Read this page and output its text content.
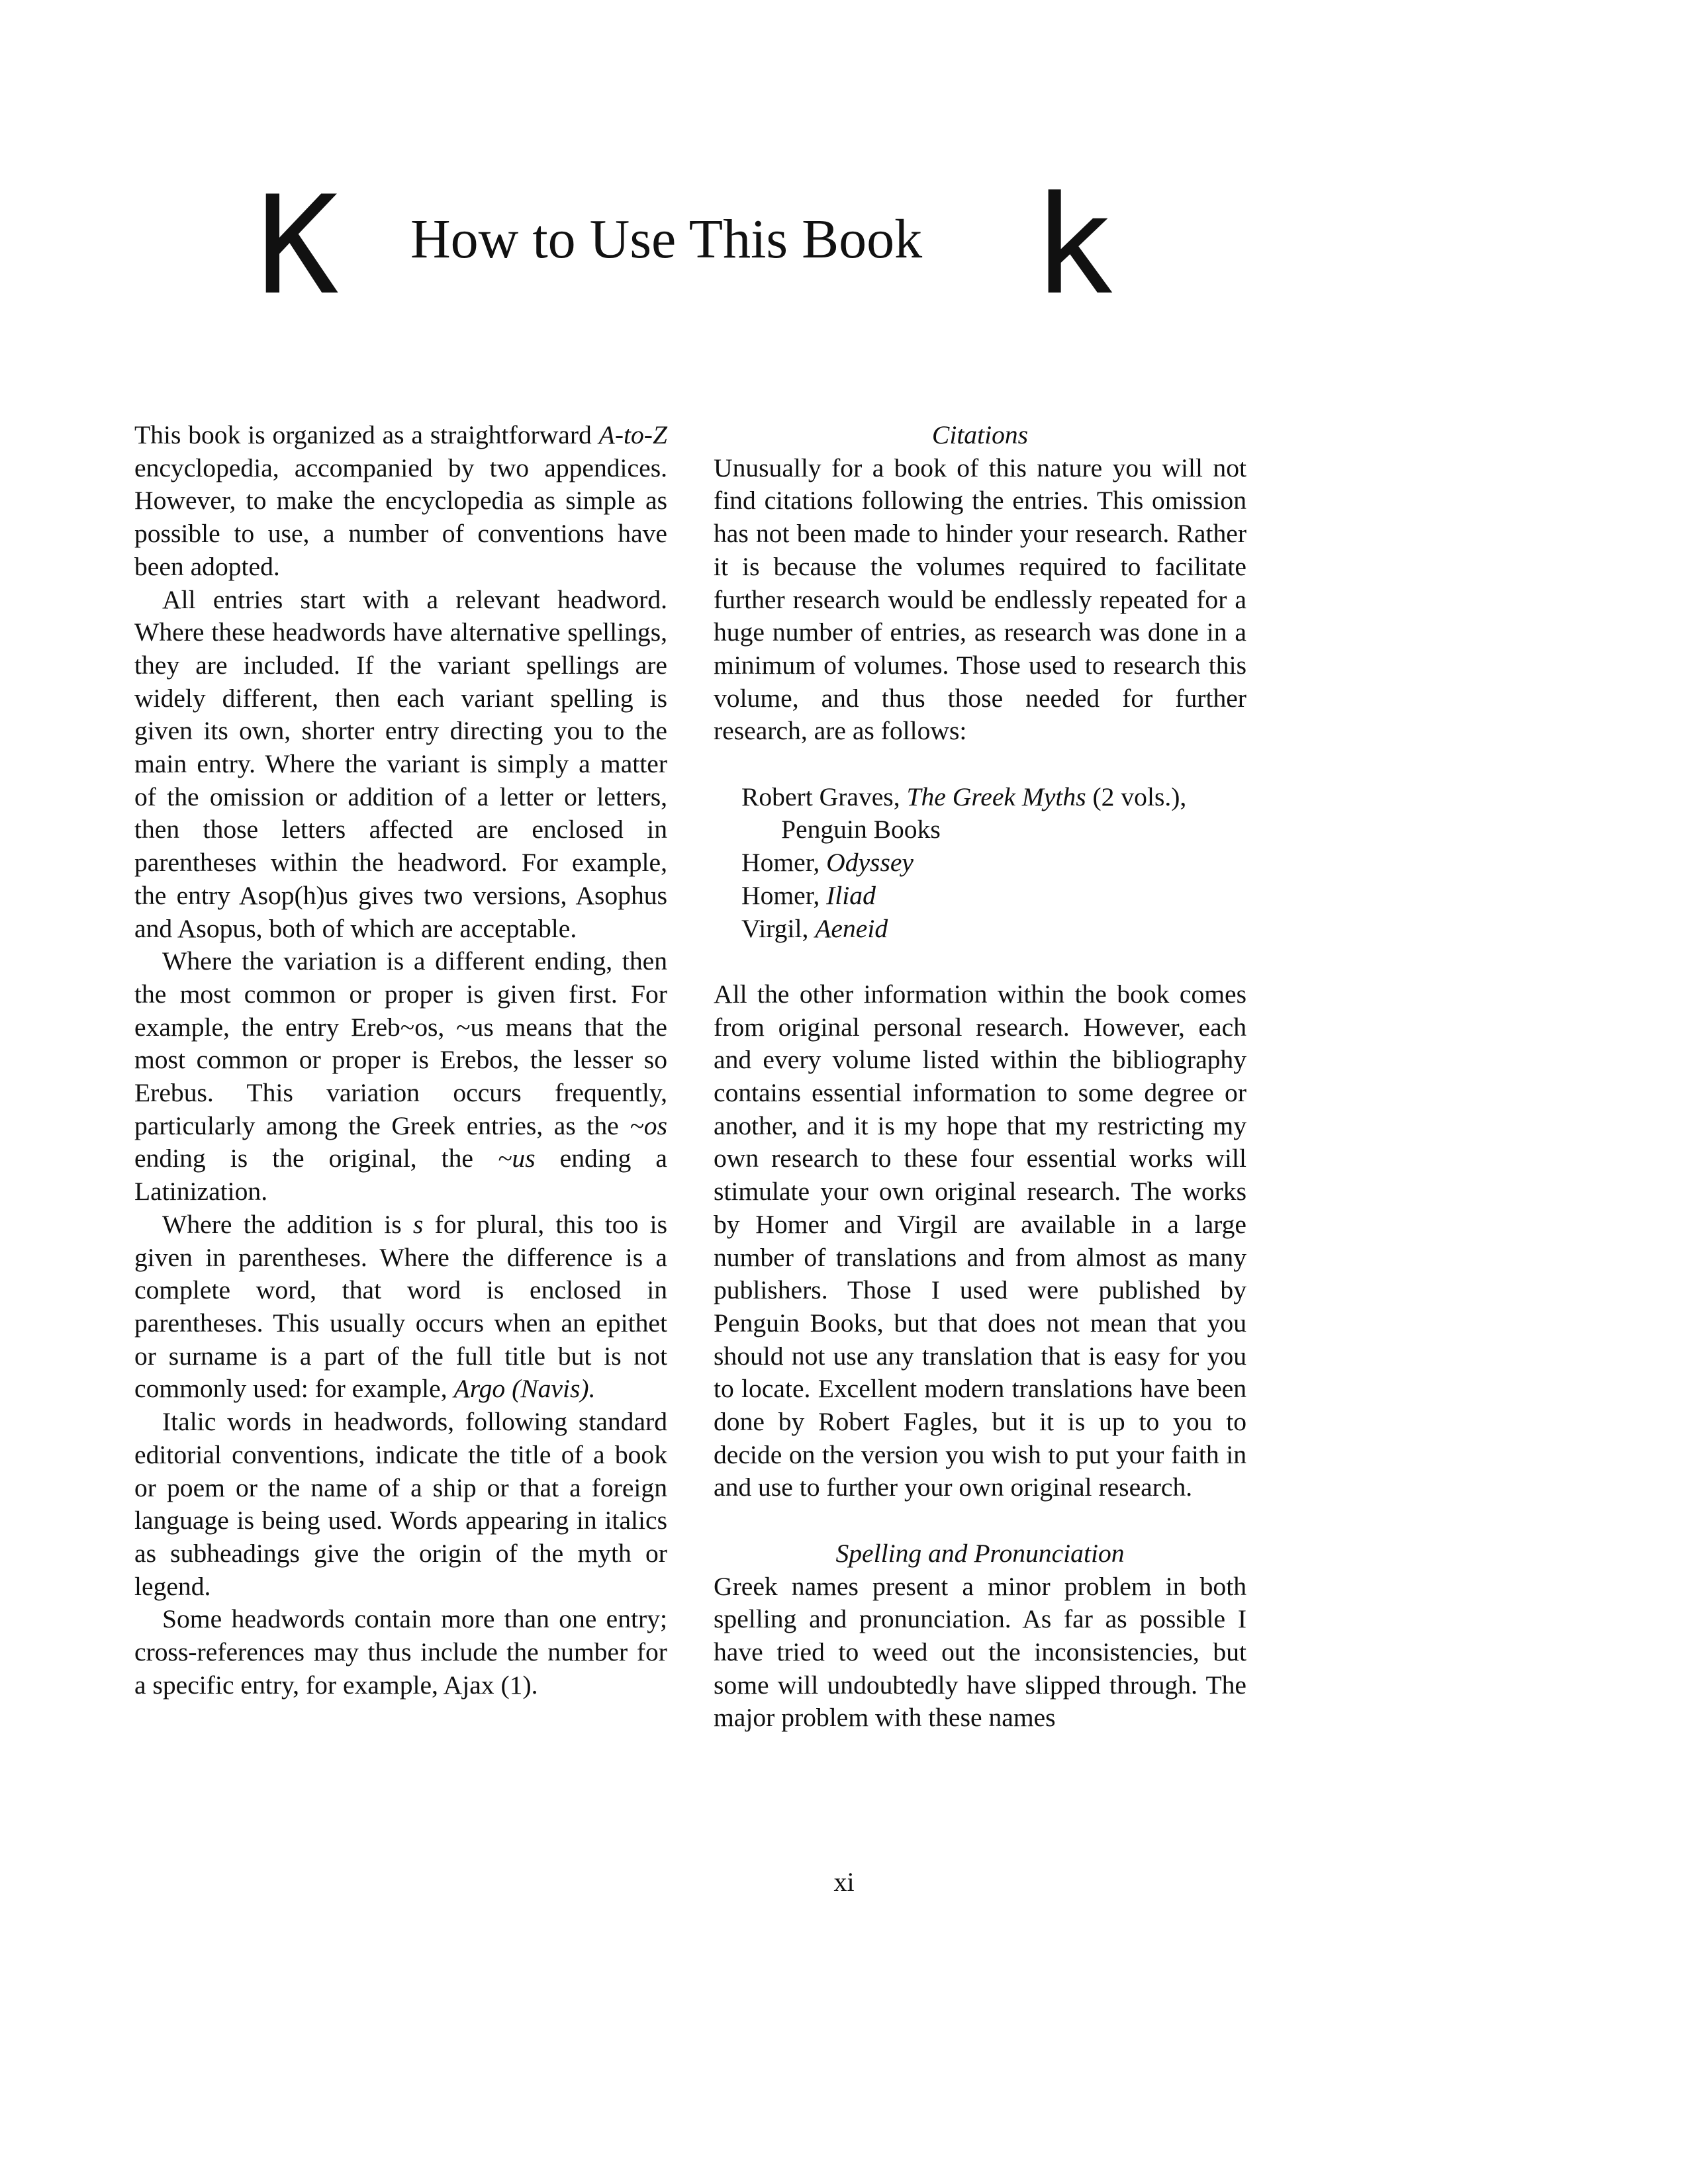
K How to Use This Book k

This book is organized as a straightforward A-to-Z encyclopedia, accompanied by two appendices. However, to make the encyclopedia as simple as possible to use, a number of conventions have been adopted.

All entries start with a relevant headword. Where these headwords have alternative spellings, they are included. If the variant spellings are widely different, then each variant spelling is given its own, shorter entry directing you to the main entry. Where the variant is simply a matter of the omission or addition of a letter or letters, then those letters affected are enclosed in parentheses within the headword. For example, the entry Asop(h)us gives two versions, Asophus and Asopus, both of which are acceptable.

Where the variation is a different ending, then the most common or proper is given first. For example, the entry Ereb~os, ~us means that the most common or proper is Erebos, the lesser so Erebus. This variation occurs frequently, particularly among the Greek entries, as the ~os ending is the original, the ~us ending a Latinization.

Where the addition is s for plural, this too is given in parentheses. Where the difference is a complete word, that word is enclosed in parentheses. This usually occurs when an epithet or surname is a part of the full title but is not commonly used: for example, Argo (Navis).

Italic words in headwords, following standard editorial conventions, indicate the title of a book or poem or the name of a ship or that a foreign language is being used. Words appearing in italics as subheadings give the origin of the myth or legend.

Some headwords contain more than one entry; cross-references may thus include the number for a specific entry, for example, Ajax (1).

Citations

Unusually for a book of this nature you will not find citations following the entries. This omission has not been made to hinder your research. Rather it is because the volumes required to facilitate further research would be endlessly repeated for a huge number of entries, as research was done in a minimum of volumes. Those used to research this volume, and thus those needed for further research, are as follows:

Robert Graves, The Greek Myths (2 vols.), Penguin Books
Homer, Odyssey
Homer, Iliad
Virgil, Aeneid

All the other information within the book comes from original personal research. However, each and every volume listed within the bibliography contains essential information to some degree or another, and it is my hope that my restricting my own research to these four essential works will stimulate your own original research. The works by Homer and Virgil are available in a large number of translations and from almost as many publishers. Those I used were published by Penguin Books, but that does not mean that you should not use any translation that is easy for you to locate. Excellent modern translations have been done by Robert Fagles, but it is up to you to decide on the version you wish to put your faith in and use to further your own original research.

Spelling and Pronunciation

Greek names present a minor problem in both spelling and pronunciation. As far as possible I have tried to weed out the inconsistencies, but some will undoubtedly have slipped through. The major problem with these names

xi
